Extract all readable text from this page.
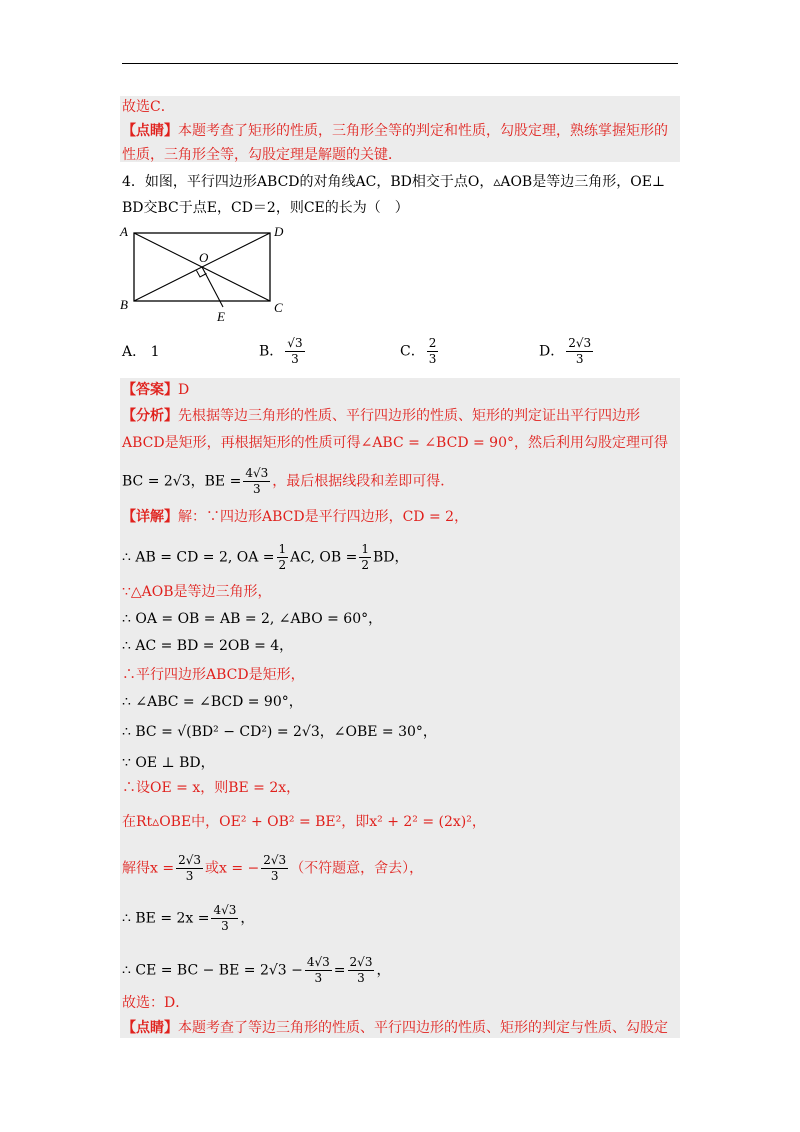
故选C．
【点睛】本题考查了矩形的性质，三角形全等的判定和性质，勾股定理，熟练掌握矩形的
性质，三角形全等，勾股定理是解题的关键．
4．如图，平行四边形ABCD的对角线AC，BD相交于点O，▵AOB是等边三角形，OE⊥
BD交BC于点E，CD＝2，则CE的长为（　）
A	D
O
B
E
C
A． 1	B． $\frac{√3}{3}$	C． $\frac{2}{3}$	D． $\frac{2√3}{3}$
【答案】D
【分析】先根据等边三角形的性质、平行四边形的性质、矩形的判定证出平行四边形
ABCD是矩形，再根据矩形的性质可得∠ABC = ∠BCD = 90°，然后利用勾股定理可得
BC = 2√3，BE = $\frac{4√3}{3}$ ，最后根据线段和差即可得．
【详解】解：∵四边形ABCD是平行四边形，CD = 2，
∴ AB = CD = 2, OA = $\frac{1}{2}$ AC, OB = $\frac{1}{2}$ BD，
∵△AOB是等边三角形，
∴ OA = OB = AB = 2, ∠ABO = 60°，
∴ AC = BD = 2OB = 4，
∴平行四边形ABCD是矩形，
∴ ∠ABC = ∠BCD = 90°，
∴ BC = √(BD² − CD²) = 2√3，∠OBE = 30°，
∵ OE ⊥ BD，
∴设OE = x，则BE = 2x，
在Rt▵OBE中，OE² + OB² = BE²，即x² + 2² = (2x)²，
解得$x = \frac{2√3}{3}$ 或x = − $\frac{2√3}{3}$ （不符题意，舍去），
∴ BE = $2x = \frac{4√3}{3}$ ，
∴ CE = BC − BE = $2√3 - \frac{4√3}{3} = \frac{2√3}{3}$ ，
故选：D．
【点睛】本题考查了等边三角形的性质、平行四边形的性质、矩形的判定与性质、勾股定
